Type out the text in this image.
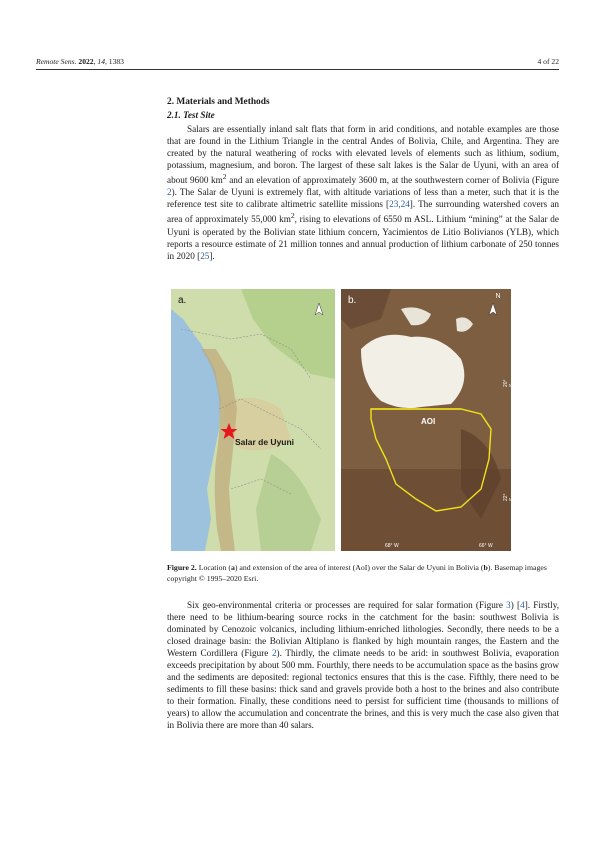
Remote Sens. 2022, 14, 1383	4 of 22
2. Materials and Methods
2.1. Test Site

Salars are essentially inland salt flats that form in arid conditions, and notable examples are those that are found in the Lithium Triangle in the central Andes of Bolivia, Chile, and Argentina. They are created by the natural weathering of rocks with elevated levels of elements such as lithium, sodium, potassium, magnesium, and boron. The largest of these salt lakes is the Salar de Uyuni, with an area of about 9600 $km^2$ and an elevation of approximately 3600 m, at the southwestern corner of Bolivia (Figure 2). The Salar de Uyuni is extremely flat, with altitude variations of less than a meter, such that it is the reference test site to calibrate altimetric satellite missions [23,24]. The surrounding watershed covers an area of approximately 55,000 $km^2$, rising to elevations of 6550 m ASL. Lithium “mining” at the Salar de Uyuni is operated by the Bolivian state lithium concern, Yacimientos de Litio Bolivianos (YLB), which reports a resource estimate of 21 million tonnes and annual production of lithium carbonate of 250 tonnes in 2020 [25].

a.
Salar de Uyuni
b.
AOI
N
20° S
22° S
68° W	66° W

Figure 2. Location (a) and extension of the area of interest (AoI) over the Salar de Uyuni in Bolivia (b). Basemap images copyright © 1995–2020 Esri.

Six geo-environmental criteria or processes are required for salar formation (Figure 3) [4]. Firstly, there need to be lithium-bearing source rocks in the catchment for the basin: southwest Bolivia is dominated by Cenozoic volcanics, including lithium-enriched lithologies. Secondly, there needs to be a closed drainage basin: the Bolivian Altiplano is flanked by high mountain ranges, the Eastern and the Western Cordillera (Figure 2). Thirdly, the climate needs to be arid: in southwest Bolivia, evaporation exceeds precipitation by about 500 mm. Fourthly, there needs to be accumulation space as the basins grow and the sediments are deposited: regional tectonics ensures that this is the case. Fifthly, there need to be sediments to fill these basins: thick sand and gravels provide both a host to the brines and also contribute to their formation. Finally, these conditions need to persist for sufficient time (thousands to millions of years) to allow the accumulation and concentrate the brines, and this is very much the case also given that in Bolivia there are more than 40 salars.
